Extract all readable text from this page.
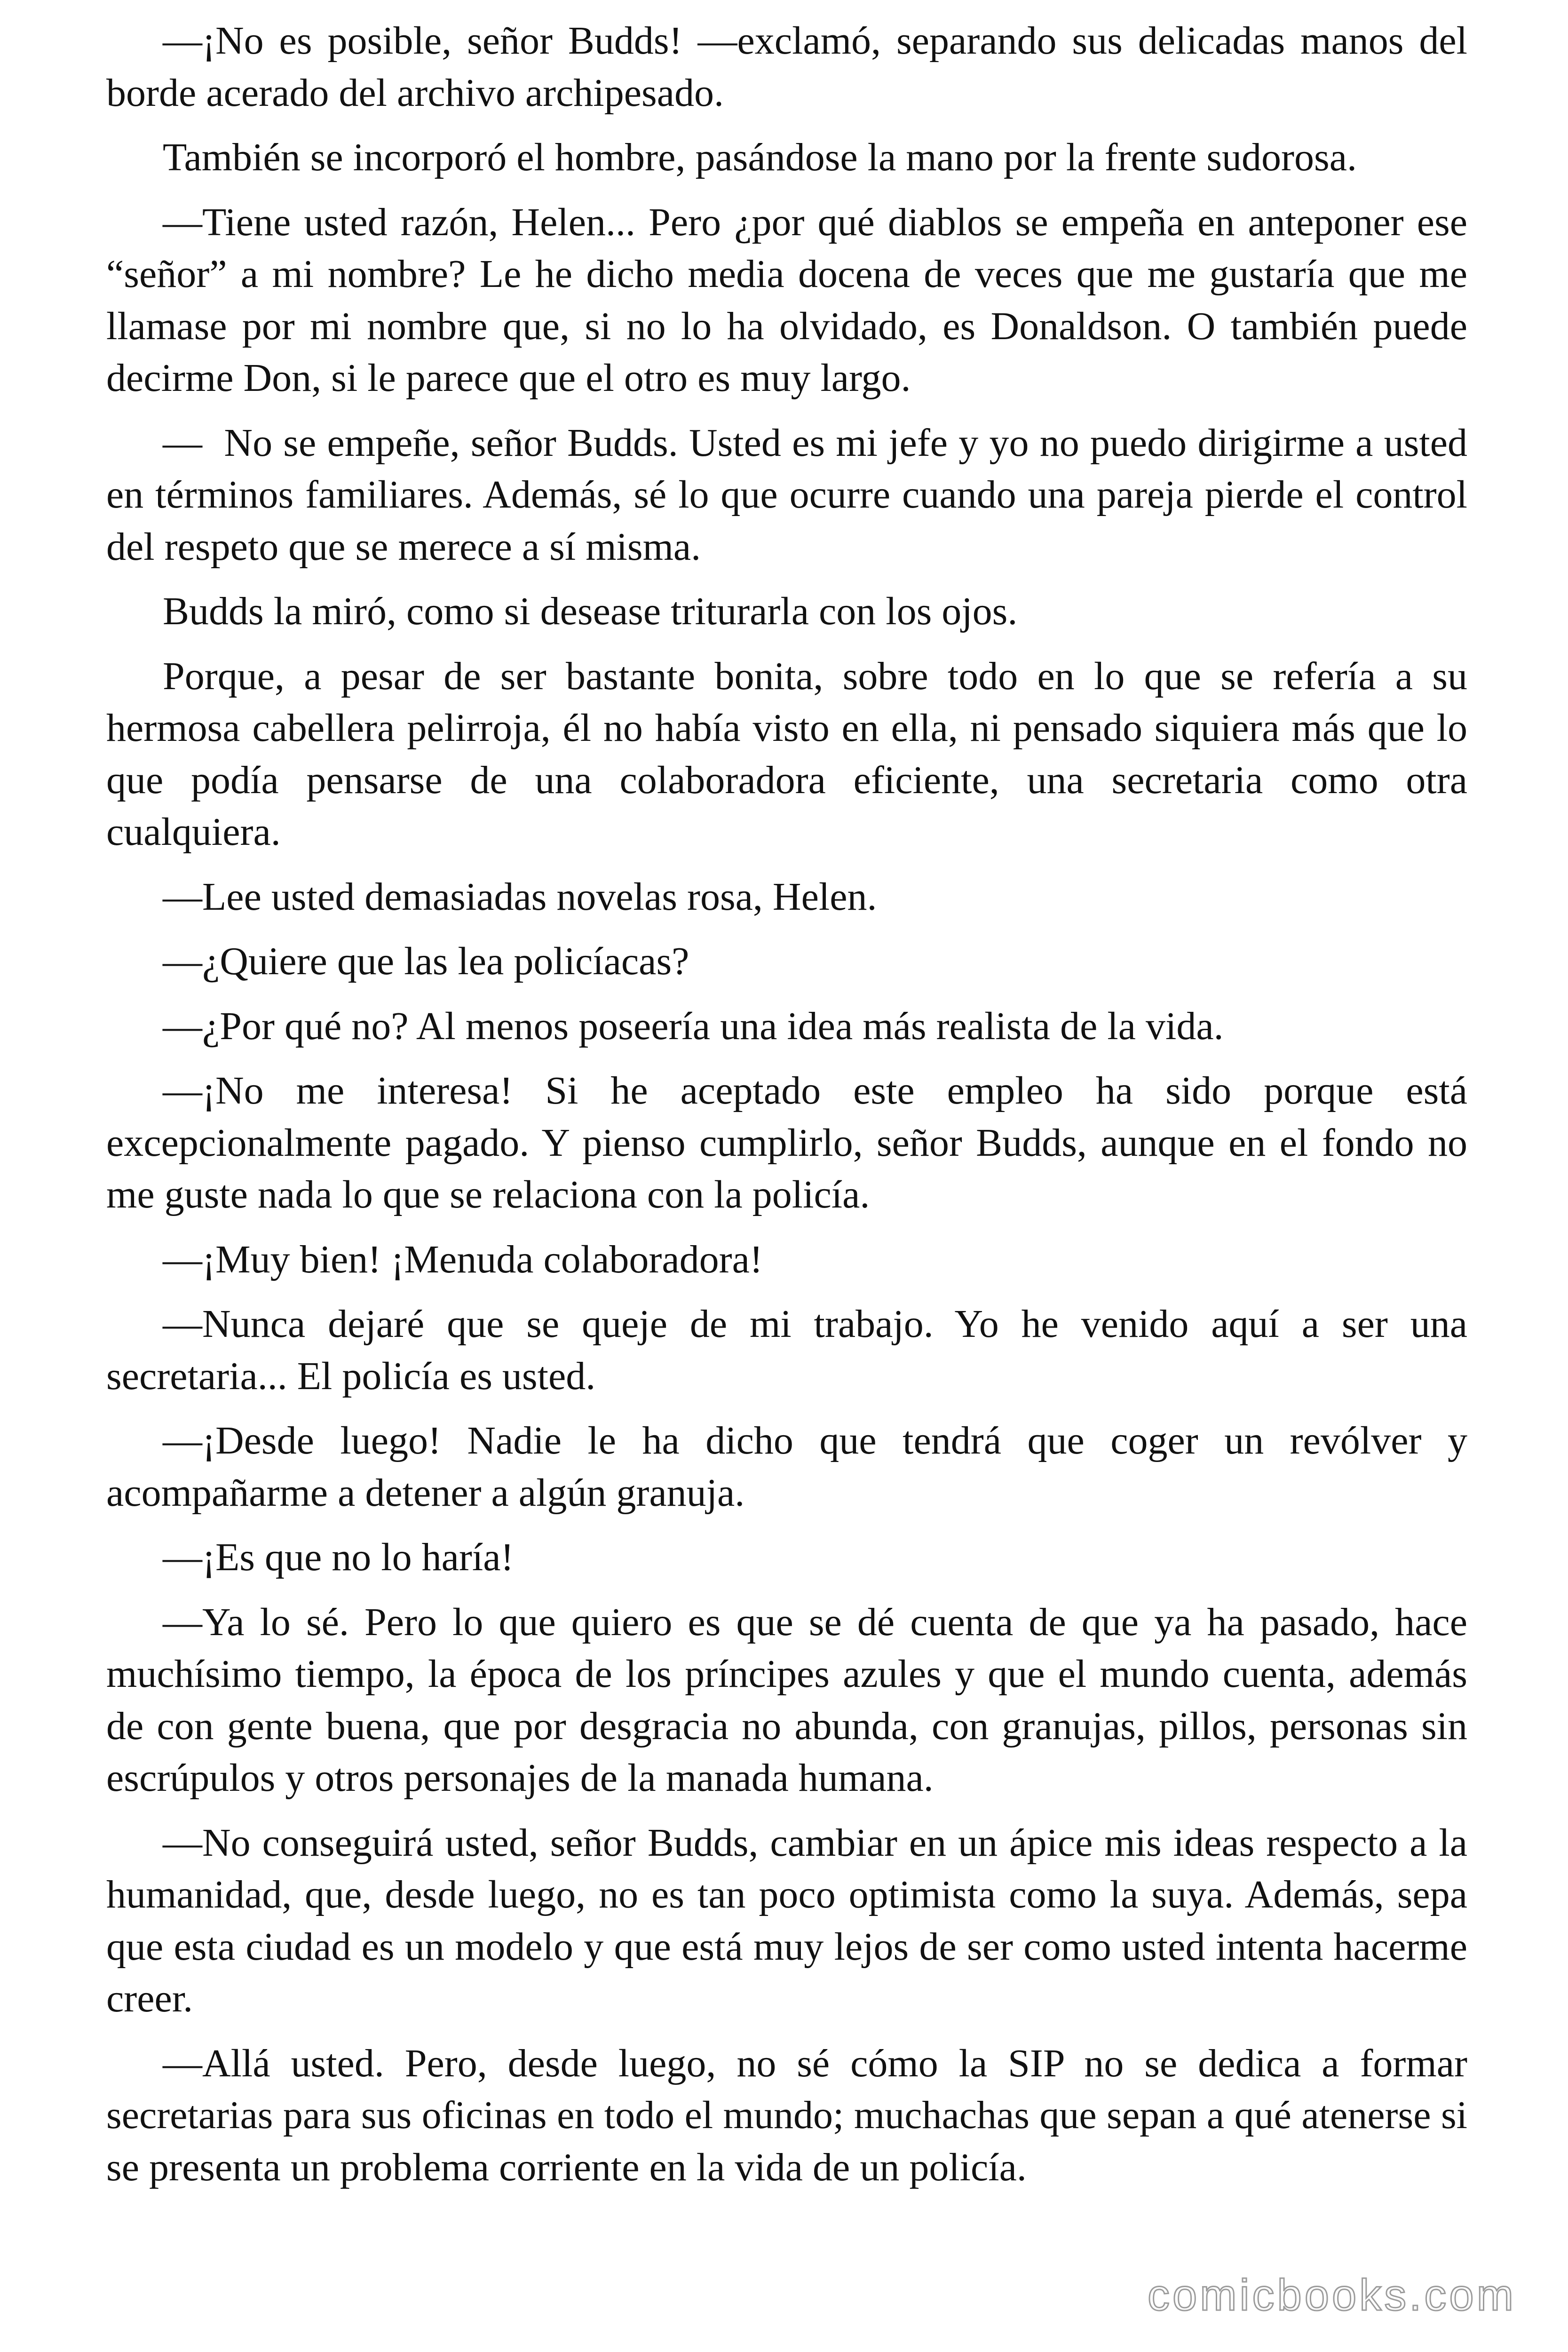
—¡No es posible, señor Budds! —exclamó, separando sus delicadas manos del borde acerado del archivo archipesado.

También se incorporó el hombre, pasándose la mano por la frente sudorosa.

—Tiene usted razón, Helen... Pero ¿por qué diablos se empeña en anteponer ese “señor” a mi nombre? Le he dicho media docena de veces que me gustaría que me llamase por mi nombre que, si no lo ha olvidado, es Donaldson. O también puede decirme Don, si le parece que el otro es muy largo.

—  No se empeñe, señor Budds. Usted es mi jefe y yo no puedo dirigirme a usted en términos familiares. Además, sé lo que ocurre cuando una pareja pierde el control del respeto que se merece a sí misma.

Budds la miró, como si desease triturarla con los ojos.

Porque, a pesar de ser bastante bonita, sobre todo en lo que se refería a su hermosa cabellera pelirroja, él no había visto en ella, ni pensado siquiera más que lo que podía pensarse de una colaboradora eficiente, una secretaria como otra cualquiera.

—Lee usted demasiadas novelas rosa, Helen.

—¿Quiere que las lea policíacas?

—¿Por qué no? Al menos poseería una idea más realista de la vida.

—¡No me interesa! Si he aceptado este empleo ha sido porque está excepcionalmente pagado. Y pienso cumplirlo, señor Budds, aunque en el fondo no me guste nada lo que se relaciona con la policía.

—¡Muy bien! ¡Menuda colaboradora!

—Nunca dejaré que se queje de mi trabajo. Yo he venido aquí a ser una secretaria... El policía es usted.

—¡Desde luego! Nadie le ha dicho que tendrá que coger un revólver y acompañarme a detener a algún granuja.

—¡Es que no lo haría!

—Ya lo sé. Pero lo que quiero es que se dé cuenta de que ya ha pasado, hace muchísimo tiempo, la época de los príncipes azules y que el mundo cuenta, además de con gente buena, que por desgracia no abunda, con granujas, pillos, personas sin escrúpulos y otros personajes de la manada humana.

—No conseguirá usted, señor Budds, cambiar en un ápice mis ideas respecto a la humanidad, que, desde luego, no es tan poco optimista como la suya. Además, sepa que esta ciudad es un modelo y que está muy lejos de ser como usted intenta hacerme creer.

—Allá usted. Pero, desde luego, no sé cómo la SIP no se dedica a formar secretarias para sus oficinas en todo el mundo; muchachas que sepan a qué atenerse si se presenta un problema corriente en la vida de un policía.

comicbooks.com
